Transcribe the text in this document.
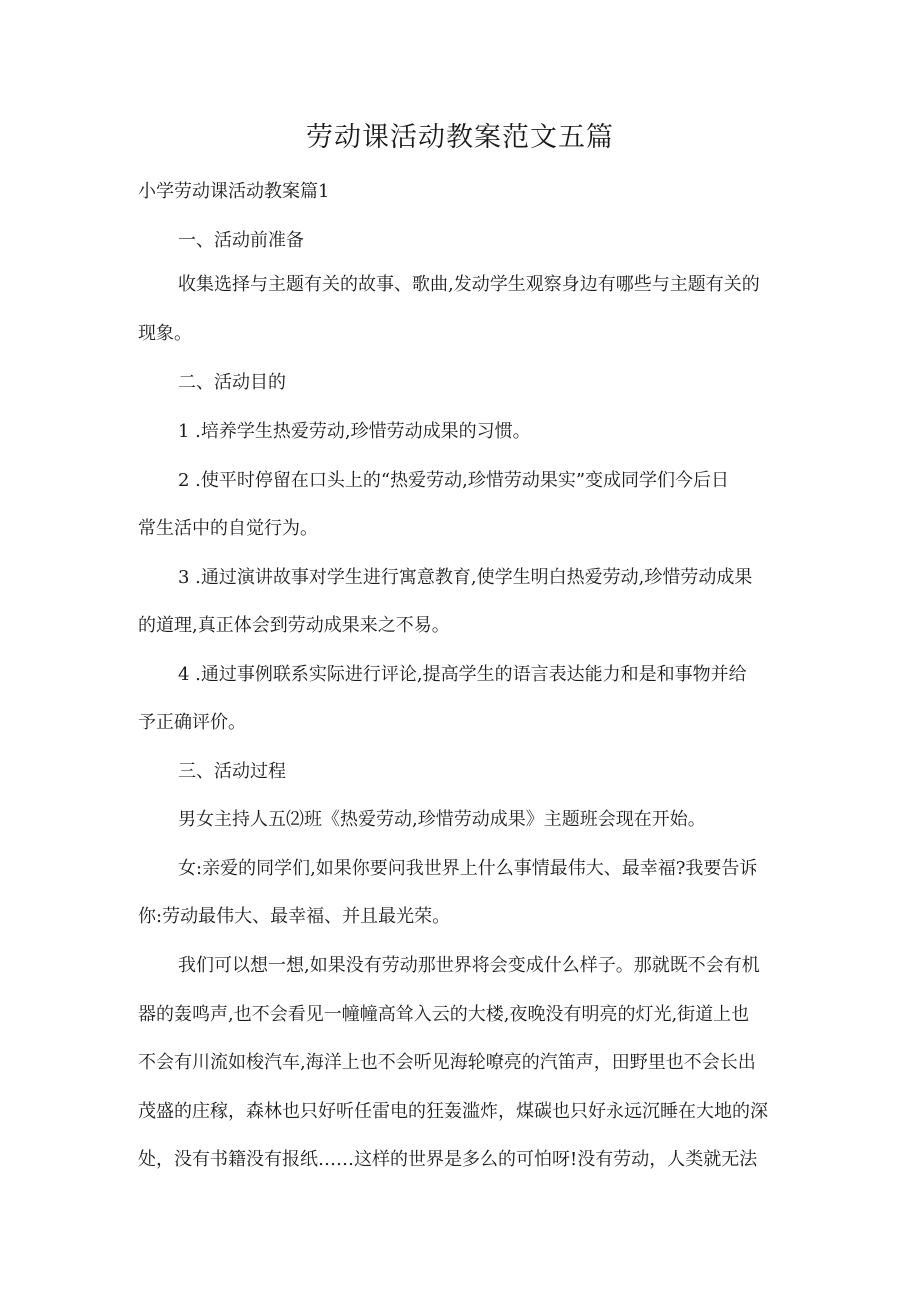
劳动课活动教案范文五篇
小学劳动课活动教案篇1
一、活动前准备
收集选择与主题有关的故事、歌曲,发动学生观察身边有哪些与主题有关的
现象。
二、活动目的
1 .培养学生热爱劳动,珍惜劳动成果的习惯。
2 .使平时停留在口头上的“热爱劳动,珍惜劳动果实”变成同学们今后日
常生活中的自觉行为。
3 .通过演讲故事对学生进行寓意教育,使学生明白热爱劳动,珍惜劳动成果
的道理,真正体会到劳动成果来之不易。
4 .通过事例联系实际进行评论,提高学生的语言表达能力和是和事物并给
予正确评价。
三、活动过程
男女主持人五⑵班《热爱劳动,珍惜劳动成果》主题班会现在开始。
女:亲爱的同学们,如果你要问我世界上什么事情最伟大、最幸福?我要告诉
你:劳动最伟大、最幸福、并且最光荣。
我们可以想一想,如果没有劳动那世界将会变成什么样子。那就既不会有机
器的轰鸣声,也不会看见一幢幢高耸入云的大楼,夜晚没有明亮的灯光,街道上也
不会有川流如梭汽车,海洋上也不会听见海轮嘹亮的汽笛声，田野里也不会长出
茂盛的庄稼，森林也只好听任雷电的狂轰滥炸，煤碳也只好永远沉睡在大地的深
处，没有书籍没有报纸……这样的世界是多么的可怕呀!没有劳动，人类就无法
